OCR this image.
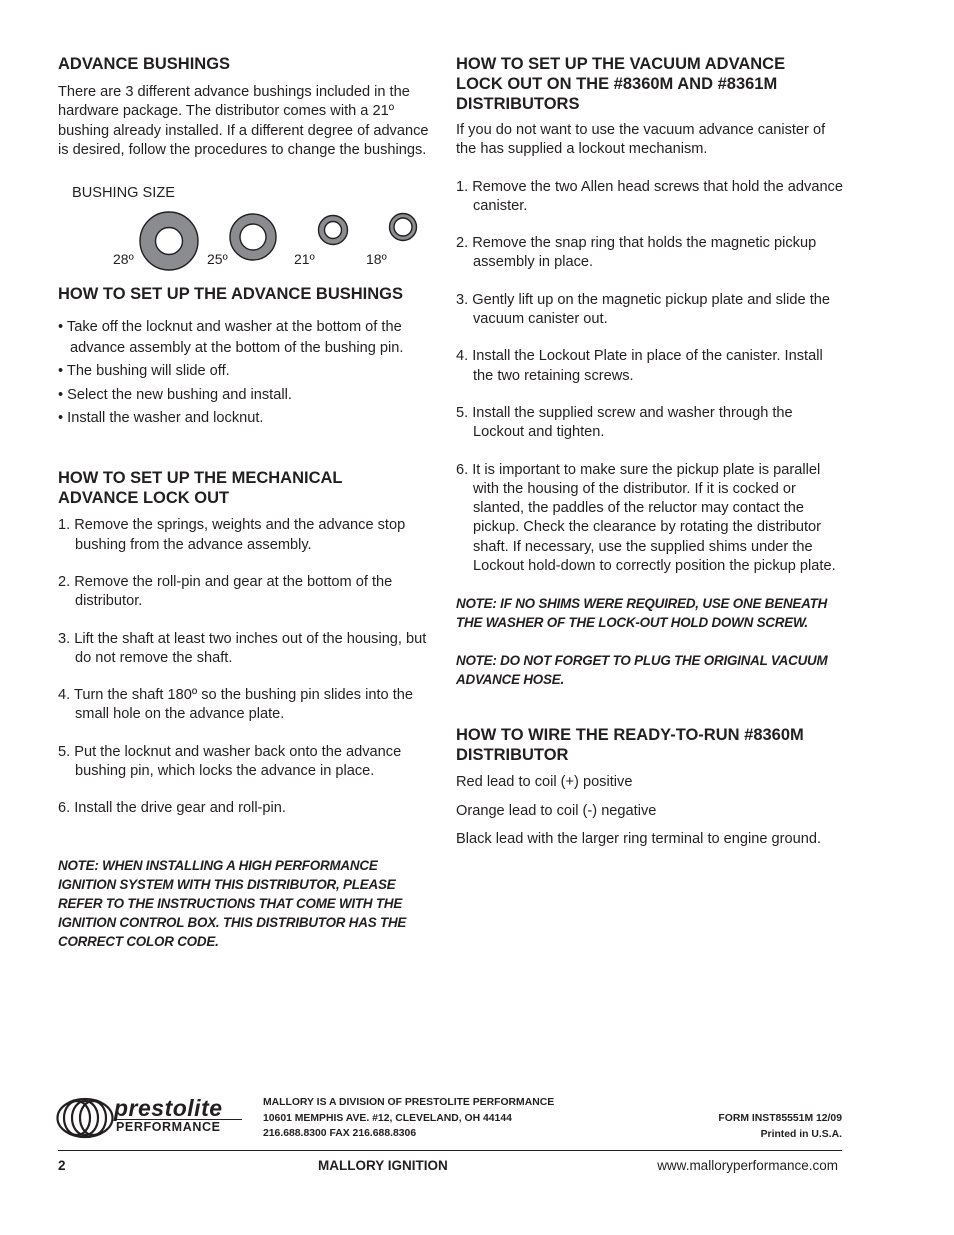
ADVANCE BUSHINGS

There are 3 different advance bushings included in the hardware package. The distributor comes with a 21º bushing already installed. If a different degree of advance is desired, follow the procedures to change the bushings.

BUSHING SIZE

28º	25º	21º	18º
HOW TO SET UP THE ADVANCE BUSHINGS

• Take off the locknut and washer at the bottom of the advance assembly at the bottom of the bushing pin.

• The bushing will slide off.

• Select the new bushing and install.

• Install the washer and locknut.

HOW TO SET UP THE MECHANICAL
ADVANCE LOCK OUT

1. Remove the springs, weights and the advance stop bushing from the advance assembly.

2. Remove the roll-pin and gear at the bottom of the distributor.

3. Lift the shaft at least two inches out of the housing, but do not remove the shaft.

4. Turn the shaft 180º so the bushing pin slides into the small hole on the advance plate.

5. Put the locknut and washer back onto the advance bushing pin, which locks the advance in place.

6. Install the drive gear and roll-pin.

NOTE: WHEN INSTALLING A HIGH PERFORMANCE IGNITION SYSTEM WITH THIS DISTRIBUTOR, PLEASE REFER TO THE INSTRUCTIONS THAT COME WITH THE IGNITION CONTROL BOX. THIS DISTRIBUTOR HAS THE CORRECT COLOR CODE.

HOW TO SET UP THE VACUUM ADVANCE
LOCK OUT ON THE #8360M AND #8361M
DISTRIBUTORS

If you do not want to use the vacuum advance canister of the has supplied a lockout mechanism.

1. Remove the two Allen head screws that hold the advance canister.

2. Remove the snap ring that holds the magnetic pickup assembly in place.

3. Gently lift up on the magnetic pickup plate and slide the vacuum canister out.

4. Install the Lockout Plate in place of the canister. Install the two retaining screws.

5. Install the supplied screw and washer through the Lockout and tighten.

6. It is important to make sure the pickup plate is parallel with the housing of the distributor. If it is cocked or slanted, the paddles of the reluctor may contact the pickup. Check the clearance by rotating the distributor shaft. If necessary, use the supplied shims under the Lockout hold-down to correctly position the pickup plate.

NOTE: IF NO SHIMS WERE REQUIRED, USE ONE BENEATH THE WASHER OF THE LOCK-OUT HOLD DOWN SCREW.

NOTE: DO NOT FORGET TO PLUG THE ORIGINAL VACUUM ADVANCE HOSE.

HOW TO WIRE THE READY-TO-RUN #8360M
DISTRIBUTOR

Red lead to coil (+) positive

Orange lead to coil (-) negative

Black lead with the larger ring terminal to engine ground.

prestolite
PERFORMANCE
MALLORY IS A DIVISION OF PRESTOLITE PERFORMANCE
10601 MEMPHIS AVE. #12, CLEVELAND, OH 44144
216.688.8300 FAX 216.688.8306
FORM INST85551M 12/09
Printed in U.S.A.
2	MALLORY IGNITION	www.malloryperformance.com
